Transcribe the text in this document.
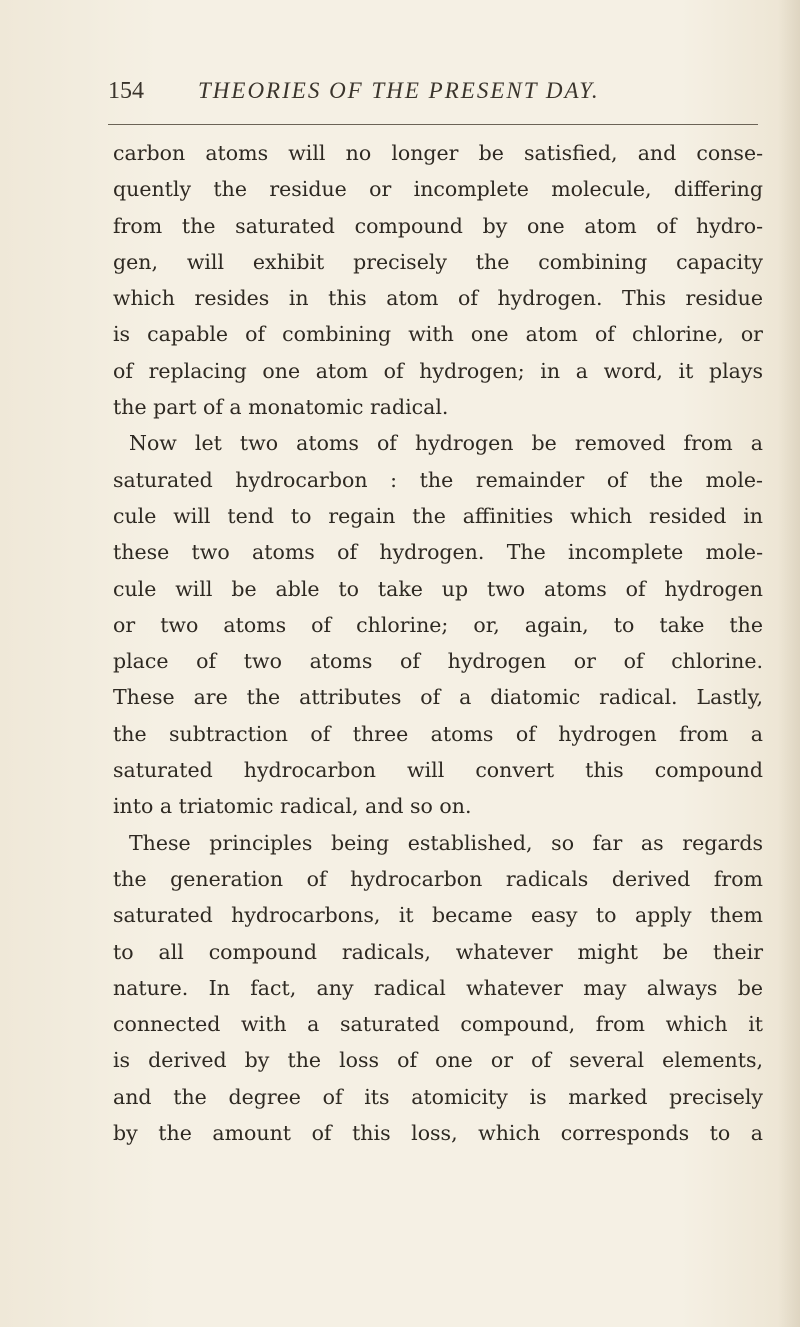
154 THEORIES OF THE PRESENT DAY.
carbon atoms will no longer be satisfied, and conse-
quently the residue or incomplete molecule, differing
from the saturated compound by one atom of hydro-
gen, will exhibit precisely the combining capacity
which resides in this atom of hydrogen. This residue
is capable of combining with one atom of chlorine, or
of replacing one atom of hydrogen; in a word, it plays
the part of a monatomic radical.
Now let two atoms of hydrogen be removed from a
saturated hydrocarbon : the remainder of the mole-
cule will tend to regain the affinities which resided in
these two atoms of hydrogen. The incomplete mole-
cule will be able to take up two atoms of hydrogen
or two atoms of chlorine; or, again, to take the
place of two atoms of hydrogen or of chlorine.
These are the attributes of a diatomic radical. Lastly,
the subtraction of three atoms of hydrogen from a
saturated hydrocarbon will convert this compound
into a triatomic radical, and so on.
These principles being established, so far as regards
the generation of hydrocarbon radicals derived from
saturated hydrocarbons, it became easy to apply them
to all compound radicals, whatever might be their
nature. In fact, any radical whatever may always be
connected with a saturated compound, from which it
is derived by the loss of one or of several elements,
and the degree of its atomicity is marked precisely
by the amount of this loss, which corresponds to a
